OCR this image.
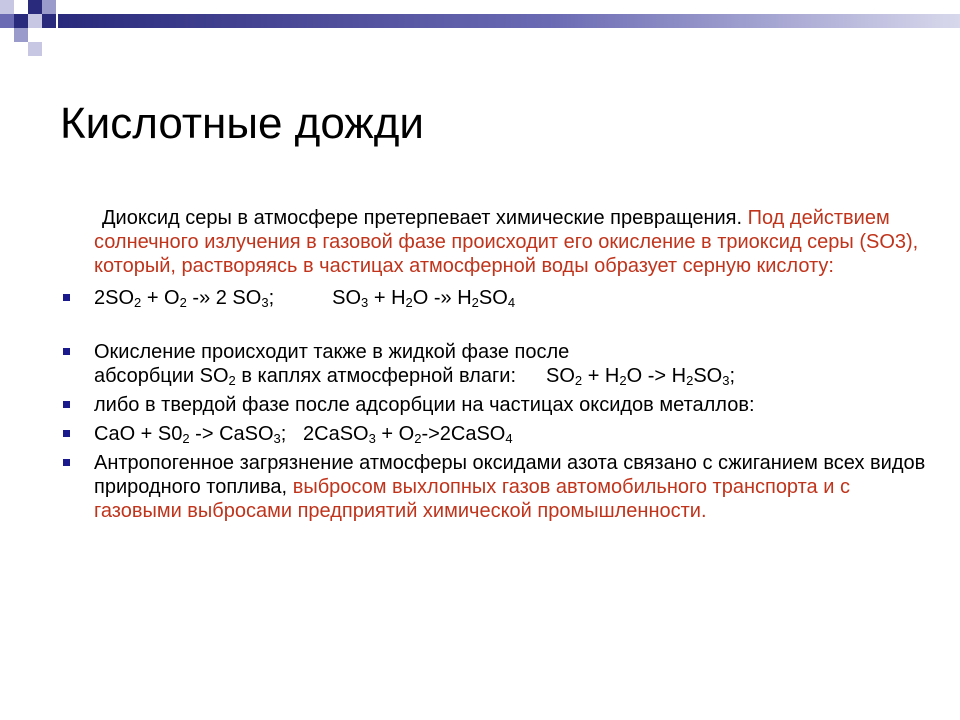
Кислотные дожди

Диоксид серы в атмосфере претерпевает химические превращения. Под действием солнечного излучения в газовой фазе происходит его окисление в триоксид серы (SO3), который, растворяясь в частицах атмосферной воды образует серную кислоту:

$2SO_2 + O_2$ -» 2 $SO_3$;	$SO_3 + H_2O$ -» $H_2SO_4$
Окисление происходит также в жидкой фазе после
абсорбции $SO_2$ в каплях атмосферной влаги: $SO_2 + H_2O -> H_2SO_3$;
либо в твердой фазе после адсорбции на частицах оксидов металлов:
CaO + $S0_2$ -> CaSO$_3$; 2CaSO$_3$ + $O_2->2CaSO_4$
Антропогенное загрязнение атмосферы оксидами азота связано с сжиганием всех видов природного топлива, выбросом выхлопных газов автомобильного транспорта и с газовыми выбросами предприятий химической промышленности.
